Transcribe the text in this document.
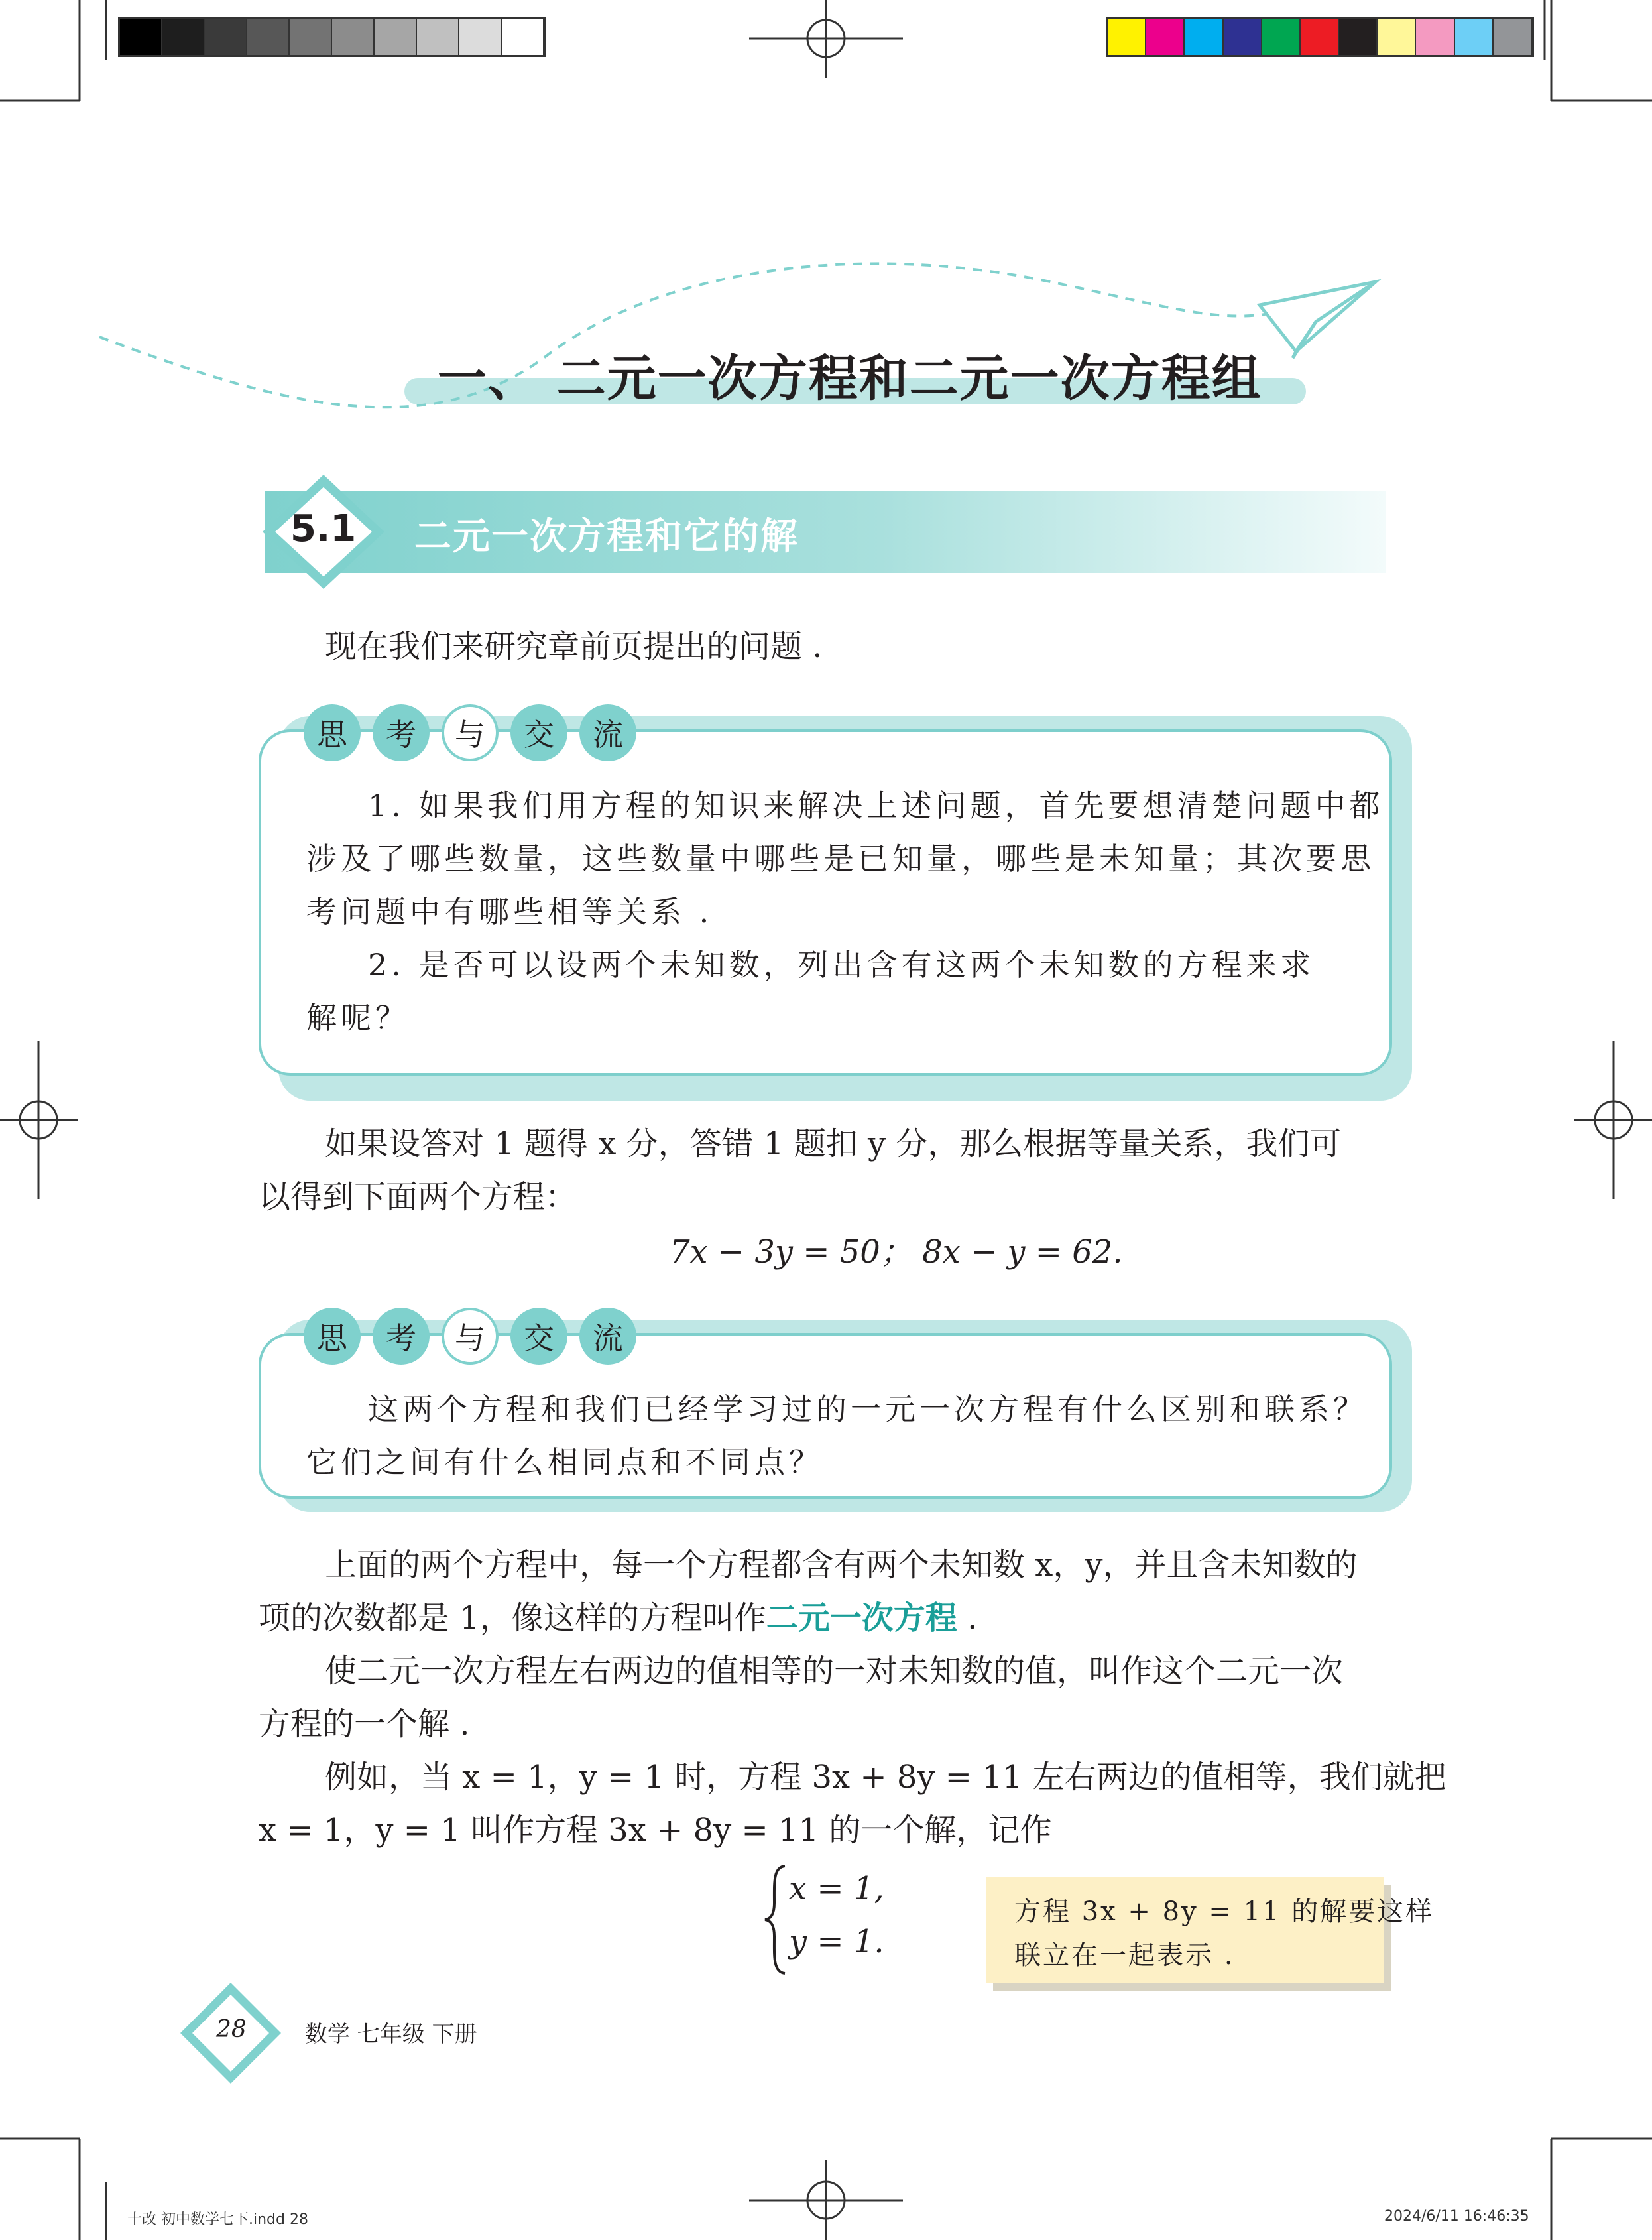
一、 二元一次方程和二元一次方程组
5.1 二元一次方程和它的解
现在我们来研究章前页提出的问题 .
思	考	与	交	流
1. 如果我们用方程的知识来解决上述问题，首先要想清楚问题中都
涉及了哪些数量，这些数量中哪些是已知量，哪些是未知量；其次要思
考问题中有哪些相等关系 .
2. 是否可以设两个未知数，列出含有这两个未知数的方程来求
解呢？
如果设答对 1 题得 x 分，答错 1 题扣 y 分，那么根据等量关系，我们可
以得到下面两个方程：
7x − 3y = 50； 8x − y = 62.
思	考	与	交	流
这两个方程和我们已经学习过的一元一次方程有什么区别和联系？
它们之间有什么相同点和不同点？
上面的两个方程中，每一个方程都含有两个未知数 x，y，并且含未知数的
项的次数都是 1，像这样的方程叫作二元一次方程 .
使二元一次方程左右两边的值相等的一对未知数的值，叫作这个二元一次
方程的一个解 .
例如，当 x = 1，y = 1 时，方程 3x + 8y = 11 左右两边的值相等，我们就把
x = 1，y = 1 叫作方程 3x + 8y = 11 的一个解，记作
x = 1,
y = 1.
方程 3x + 8y = 11 的解要这样
联立在一起表示 .
28	数学 七年级 下册
十改 初中数学七下.indd 28	2024/6/11 16:46:35
